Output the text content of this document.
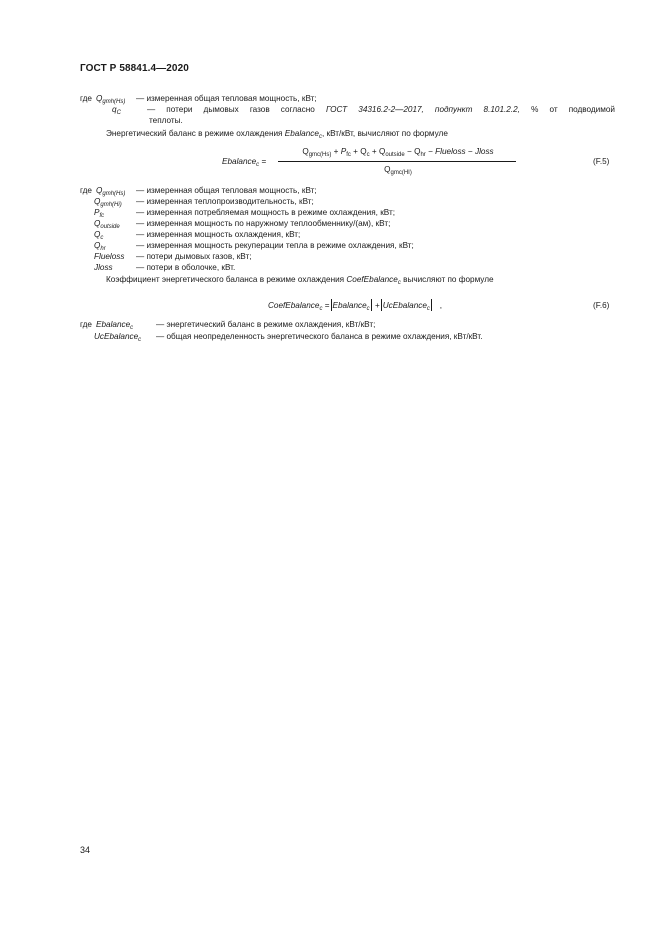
ГОСТ Р 58841.4—2020
где $Q_{gmh(Hs)}$ — измеренная общая тепловая мощность, кВт;
$q_C$	— потери дымовых газов согласно ГОСТ 34316.2-2—2017, подпункт 8.101.2.2, % от подводимой
теплоты.
Энергетический баланс в режиме охлаждения Ebalance$_c$, кВт/кВт, вычисляют по формуле
Ebalance$_c$ =
$Q_{gmc(Hs)} + P_{fc} + Q_c + Q_{outside} - Q_{hr}$ − Flueloss − Jloss
$Q_{gmc(HI)}$
(F.5)
где $Q_{gmh(Hs)}$ — измеренная общая тепловая мощность, кВт;
$Q_{gmh(Hi)}$ — измеренная теплопроизводительность, кВт;
$P_{fc}$	— измеренная потребляемая мощность в режиме охлаждения, кВт;
$Q_{outside}$ — измеренная мощность по наружному теплообменнику/(ам), кВт;
$Q_c$	— измеренная мощность охлаждения, кВт;
$Q_{hr}$	— измеренная мощность рекуперации тепла в режиме охлаждения, кВт;
Flueloss — потери дымовых газов, кВт;
Jloss	— потери в оболочке, кВт.
Коэффициент энергетического баланса в режиме охлаждения CoefEbalance$_c$ вычисляют по формуле
CoefEbalance$_c$ = Ebalance$_c$ + UcEbalance$_c$ ,	(F.6)
где Ebalance$_c$	— энергетический баланс в режиме охлаждения, кВт/кВт;
UcEbalance$_c$ — общая неопределенность энергетического баланса в режиме охлаждения, кВт/кВт.
34
